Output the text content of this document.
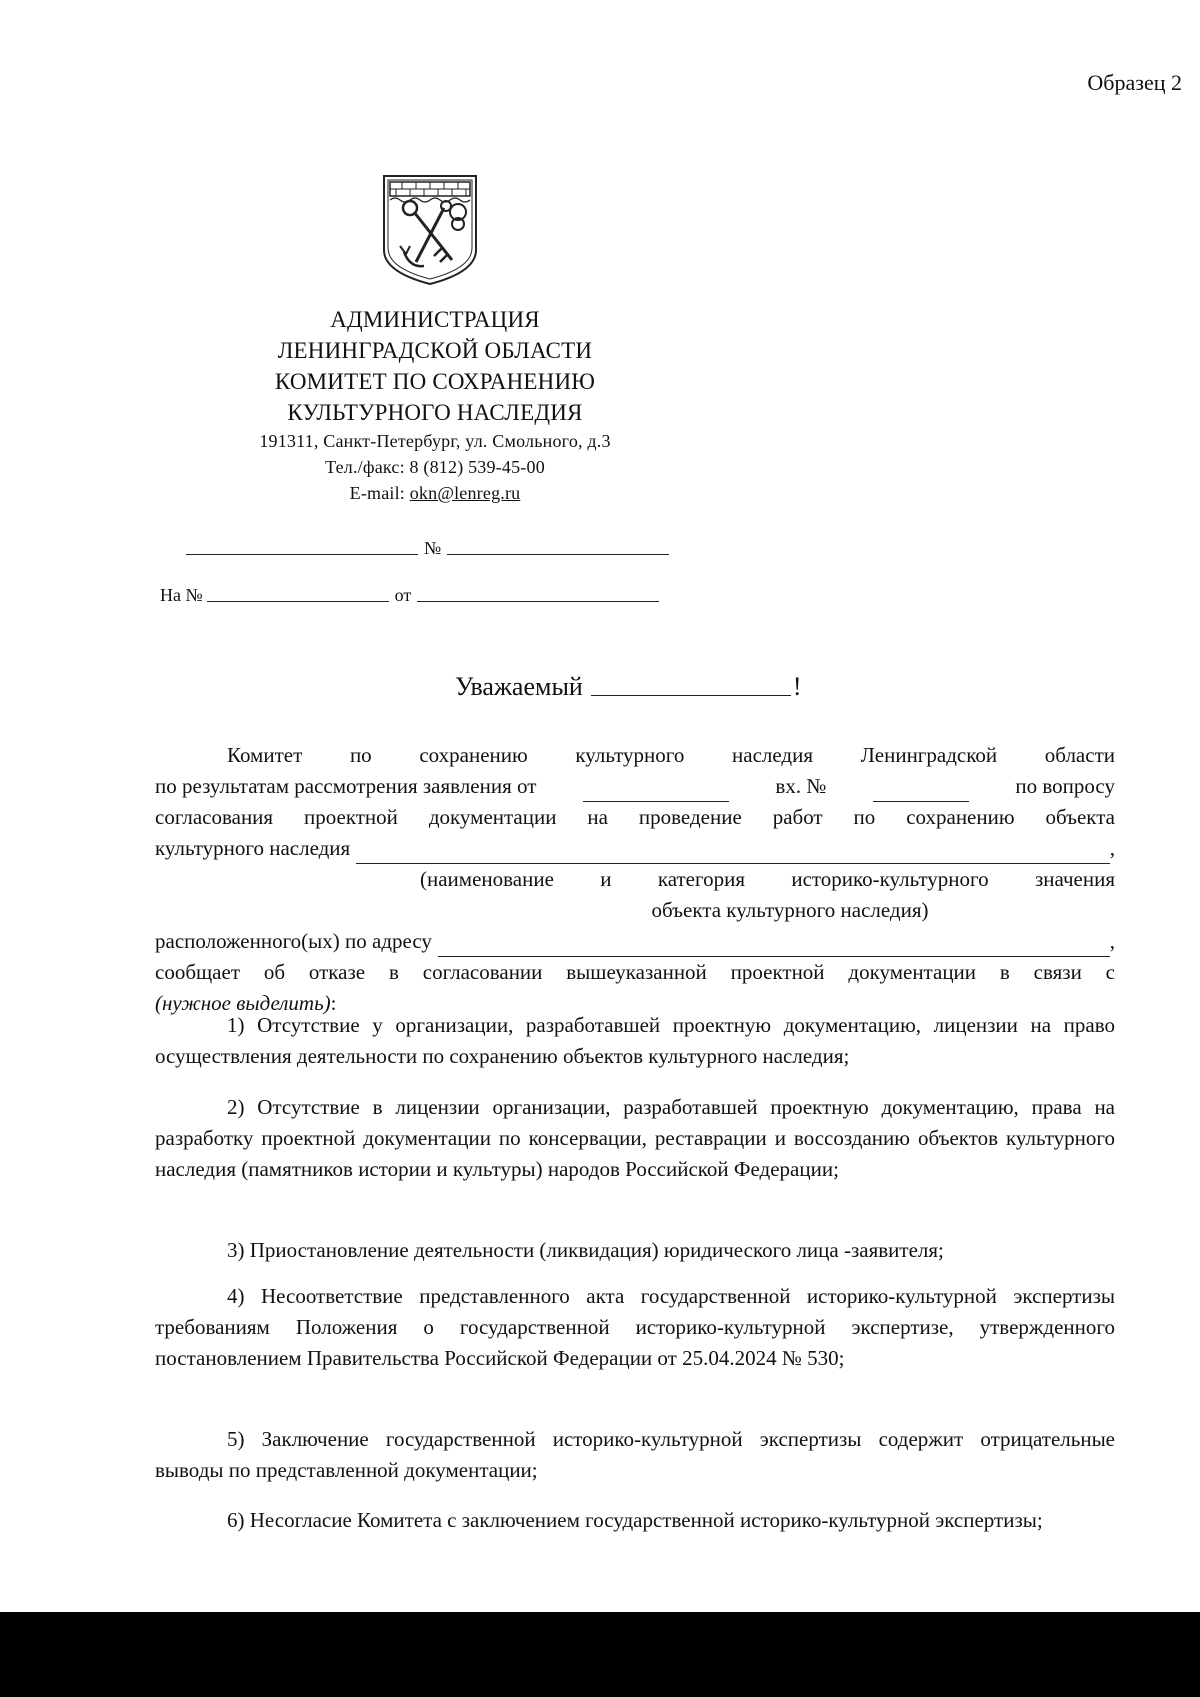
Образец 2
АДМИНИСТРАЦИЯ
ЛЕНИНГРАДСКОЙ ОБЛАСТИ
КОМИТЕТ ПО СОХРАНЕНИЮ
КУЛЬТУРНОГО НАСЛЕДИЯ
191311, Санкт-Петербург, ул. Смольного, д.3
Тел./факс: 8 (812) 539-45-00
E-mail: okn@lenreg.ru
№
На №	от
Уважаемый	!
Комитет по сохранению культурного наследия Ленинградской области
по результатам рассмотрения заявления от	вх. №	по вопросу
согласования проектной документации на проведение работ по сохранению объекта
культурного наследия	,
(наименование и категория историко-культурного значения
объекта культурного наследия)
расположенного(ых) по адресу	,
сообщает об отказе в согласовании вышеуказанной проектной документации в связи с
(нужное выделить):
1) Отсутствие у организации, разработавшей проектную документацию, лицензии на право осуществления деятельности по сохранению объектов культурного наследия;
2) Отсутствие в лицензии организации, разработавшей проектную документацию, права на разработку проектной документации по консервации, реставрации и воссозданию объектов культурного наследия (памятников истории и культуры) народов Российской Федерации;
3) Приостановление деятельности (ликвидация) юридического лица -заявителя;
4) Несоответствие представленного акта государственной историко-культурной экспертизы требованиям Положения о государственной историко-культурной экспертизе, утвержденного постановлением Правительства Российской Федерации от 25.04.2024 № 530;
5) Заключение государственной историко-культурной экспертизы содержит отрицательные выводы по представленной документации;
6) Несогласие Комитета с заключением государственной историко-культурной экспертизы;
